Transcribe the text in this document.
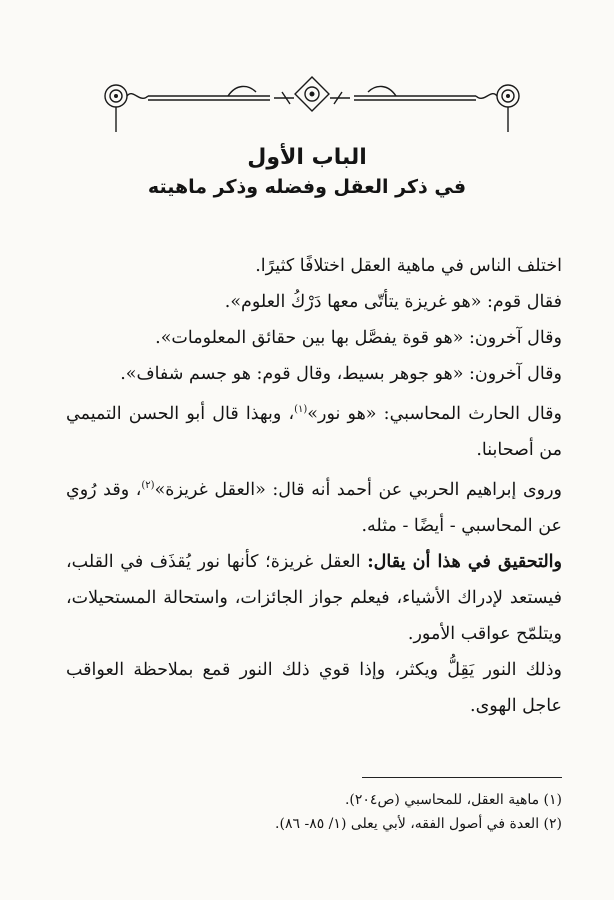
الباب الأول
في ذكر العقل وفضله وذكر ماهيته

اختلف الناس في ماهية العقل اختلافًا كثيرًا.

فقال قوم: «هو غريزة يتأتّى معها دَرْكُ العلوم».

وقال آخرون: «هو قوة يفصَّل بها بين حقائق المعلومات».

وقال آخرون: «هو جوهر بسيط، وقال قوم: هو جسم شفاف».

وقال الحارث المحاسبي: «هو نور»$^{(١)}$، وبهذا قال أبو الحسن التميمي من أصحابنا.

وروى إبراهيم الحربي عن أحمد أنه قال: «العقل غريزة»$^{(٢)}$، وقد رُوي عن المحاسبي - أيضًا - مثله.

والتحقيق في هذا أن يقال: العقل غريزة؛ كأنها نور يُقذَف في القلب، فيستعد لإدراك الأشياء، فيعلم جواز الجائزات، واستحالة المستحيلات، ويتلمّح عواقب الأمور.

وذلك النور يَقِلُّ ويكثر، وإذا قوي ذلك النور قمع بملاحظة العواقب عاجل الهوى.

(١) ماهية العقل، للمحاسبي (ص٢٠٤).

(٢) العدة في أصول الفقه، لأبي يعلى (١/ ٨٥- ٨٦).
